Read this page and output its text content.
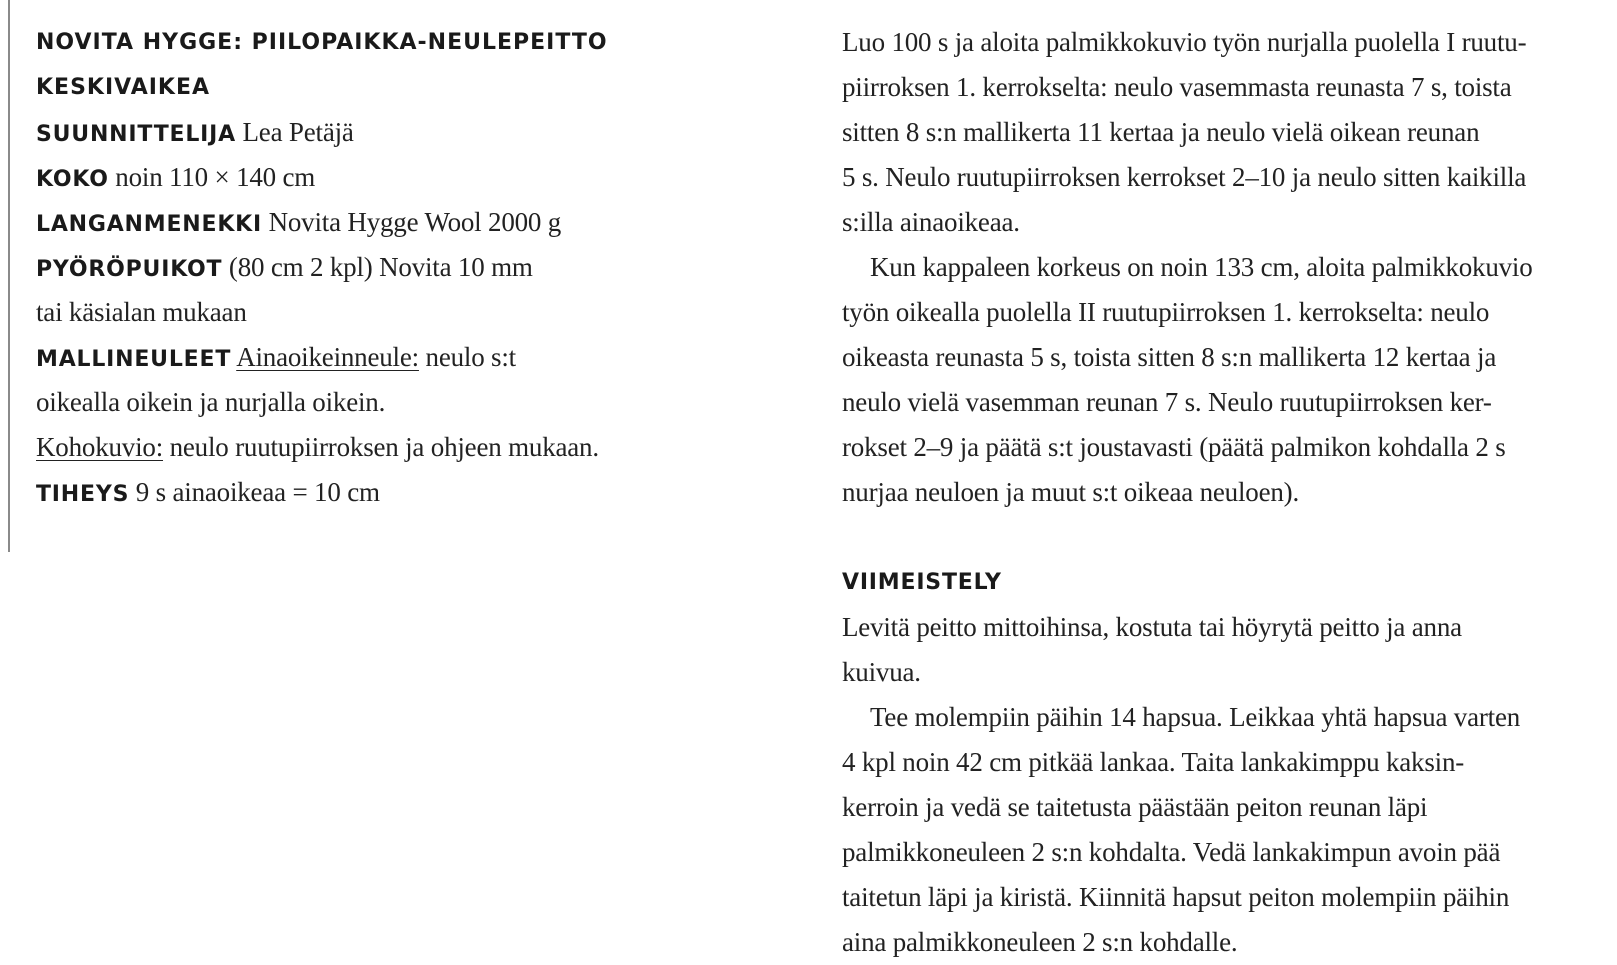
NOVITA HYGGE: PIILOPAIKKA-NEULEPEITTO
KESKIVAIKEA
SUUNNITTELIJA Lea Petäjä
KOKO noin 110 × 140 cm
LANGANMENEKKI Novita Hygge Wool 2000 g
PYÖRÖPUIKOT (80 cm 2 kpl) Novita 10 mm
tai käsialan mukaan
MALLINEULEET Ainaoikeinneule: neulo s:t
oikealla oikein ja nurjalla oikein.
Kohokuvio: neulo ruutupiirroksen ja ohjeen mukaan.
TIHEYS 9 s ainaoikeaa = 10 cm
Luo 100 s ja aloita palmikkokuvio työn nurjalla puolella I ruutu-
piirroksen 1. kerrokselta: neulo vasemmasta reunasta 7 s, toista
sitten 8 s:n mallikerta 11 kertaa ja neulo vielä oikean reunan
5 s. Neulo ruutupiirroksen kerrokset 2–10 ja neulo sitten kaikilla
s:illa ainaoikeaa.
Kun kappaleen korkeus on noin 133 cm, aloita palmikkokuvio
työn oikealla puolella II ruutupiirroksen 1. kerrokselta: neulo
oikeasta reunasta 5 s, toista sitten 8 s:n mallikerta 12 kertaa ja
neulo vielä vasemman reunan 7 s. Neulo ruutupiirroksen ker-
rokset 2–9 ja päätä s:t joustavasti (päätä palmikon kohdalla 2 s
nurjaa neuloen ja muut s:t oikeaa neuloen).
VIIMEISTELY
Levitä peitto mittoihinsa, kostuta tai höyrytä peitto ja anna
kuivua.
Tee molempiin päihin 14 hapsua. Leikkaa yhtä hapsua varten
4 kpl noin 42 cm pitkää lankaa. Taita lankakimppu kaksin-
kerroin ja vedä se taitetusta päästään peiton reunan läpi
palmikkoneuleen 2 s:n kohdalta. Vedä lankakimpun avoin pää
taitetun läpi ja kiristä. Kiinnitä hapsut peiton molempiin päihin
aina palmikkoneuleen 2 s:n kohdalle.
